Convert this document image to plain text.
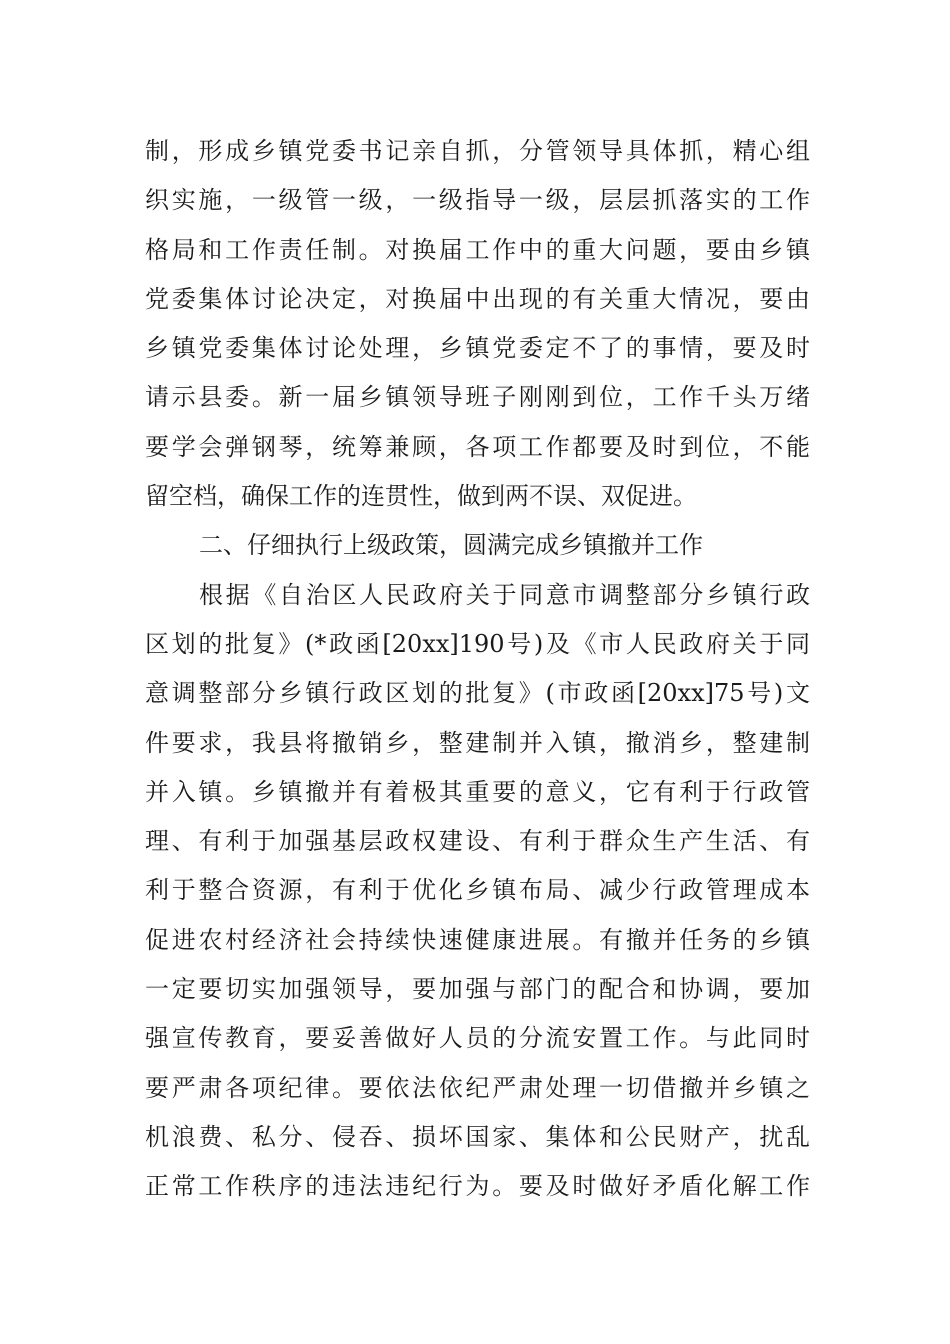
制，形成乡镇党委书记亲自抓，分管领导具体抓，精心组
织实施，一级管一级，一级指导一级，层层抓落实的工作
格局和工作责任制。对换届工作中的重大问题，要由乡镇
党委集体讨论决定，对换届中出现的有关重大情况，要由
乡镇党委集体讨论处理，乡镇党委定不了的事情，要及时
请示县委。新一届乡镇领导班子刚刚到位，工作千头万绪
要学会弹钢琴，统筹兼顾，各项工作都要及时到位，不能
留空档，确保工作的连贯性，做到两不误、双促进。
二、仔细执行上级政策，圆满完成乡镇撤并工作
根据《自治区人民政府关于同意市调整部分乡镇行政
区划的批复》(*政函[20xx]190号)及《市人民政府关于同
意调整部分乡镇行政区划的批复》(市政函[20xx]75号)文
件要求，我县将撤销乡，整建制并入镇，撤消乡，整建制
并入镇。乡镇撤并有着极其重要的意义，它有利于行政管
理、有利于加强基层政权建设、有利于群众生产生活、有
利于整合资源，有利于优化乡镇布局、减少行政管理成本
促进农村经济社会持续快速健康进展。有撤并任务的乡镇
一定要切实加强领导，要加强与部门的配合和协调，要加
强宣传教育，要妥善做好人员的分流安置工作。与此同时
要严肃各项纪律。要依法依纪严肃处理一切借撤并乡镇之
机浪费、私分、侵吞、损坏国家、集体和公民财产，扰乱
正常工作秩序的违法违纪行为。要及时做好矛盾化解工作
